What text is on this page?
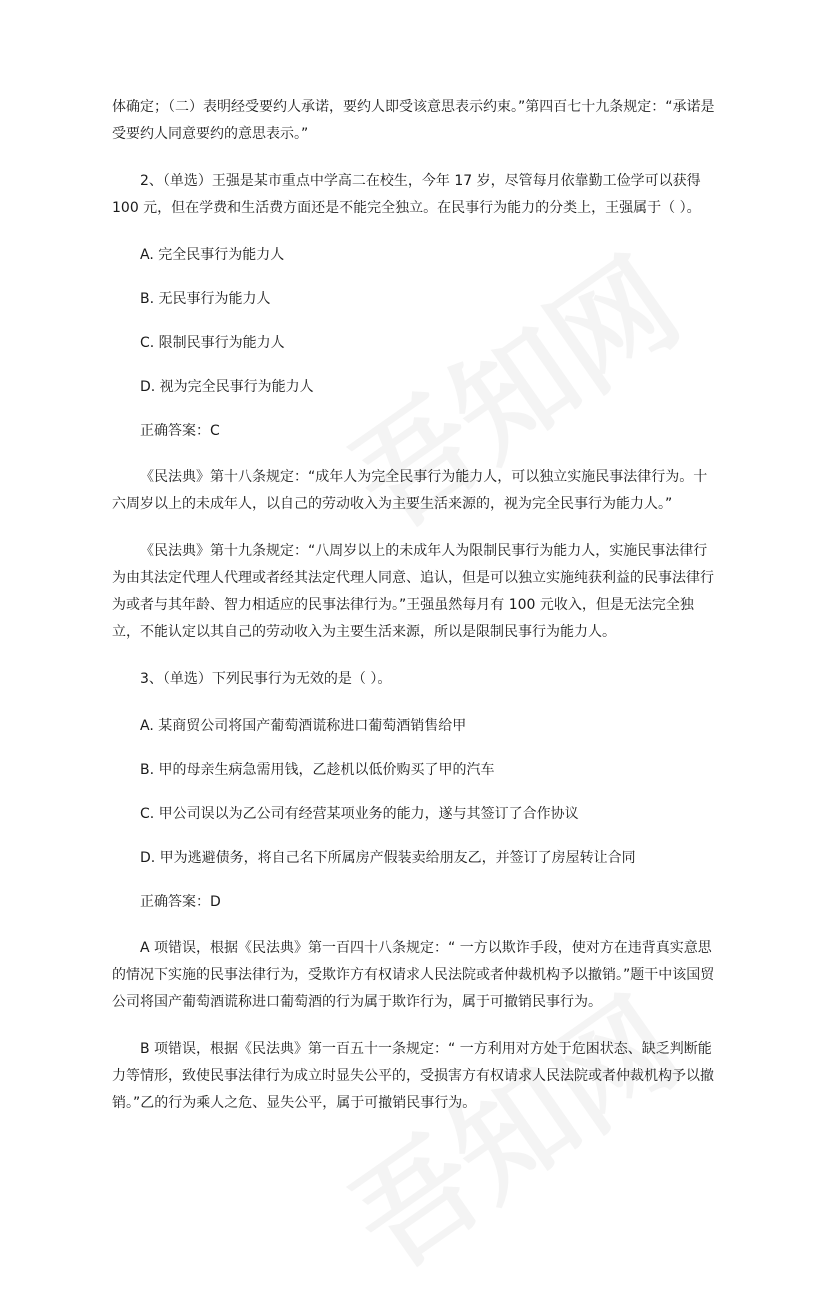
体确定；（二）表明经受要约人承诺，要约人即受该意思表示约束。”第四百七十九条规定：“承诺是受要约人同意要约的意思表示。”

2、（单选）王强是某市重点中学高二在校生，今年 17 岁，尽管每月依靠勤工俭学可以获得 100 元，但在学费和生活费方面还是不能完全独立。在民事行为能力的分类上，王强属于（ ）。

A. 完全民事行为能力人

B. 无民事行为能力人

C. 限制民事行为能力人

D. 视为完全民事行为能力人

正确答案：C

《民法典》第十八条规定：“成年人为完全民事行为能力人，可以独立实施民事法律行为。十六周岁以上的未成年人，以自己的劳动收入为主要生活来源的，视为完全民事行为能力人。”

《民法典》第十九条规定：“八周岁以上的未成年人为限制民事行为能力人，实施民事法律行为由其法定代理人代理或者经其法定代理人同意、追认，但是可以独立实施纯获利益的民事法律行为或者与其年龄、智力相适应的民事法律行为。”王强虽然每月有 100 元收入，但是无法完全独立，不能认定以其自己的劳动收入为主要生活来源，所以是限制民事行为能力人。

3、（单选）下列民事行为无效的是（ ）。

A. 某商贸公司将国产葡萄酒谎称进口葡萄酒销售给甲

B. 甲的母亲生病急需用钱，乙趁机以低价购买了甲的汽车

C. 甲公司误以为乙公司有经营某项业务的能力，遂与其签订了合作协议

D. 甲为逃避债务，将自己名下所属房产假装卖给朋友乙，并签订了房屋转让合同

正确答案：D

A 项错误，根据《民法典》第一百四十八条规定：“ 一方以欺诈手段，使对方在违背真实意思的情况下实施的民事法律行为，受欺诈方有权请求人民法院或者仲裁机构予以撤销。”题干中该国贸公司将国产葡萄酒谎称进口葡萄酒的行为属于欺诈行为，属于可撤销民事行为。

B 项错误，根据《民法典》第一百五十一条规定：“ 一方利用对方处于危困状态、缺乏判断能力等情形，致使民事法律行为成立时显失公平的，受损害方有权请求人民法院或者仲裁机构予以撤销。”乙的行为乘人之危、显失公平，属于可撤销民事行为。
